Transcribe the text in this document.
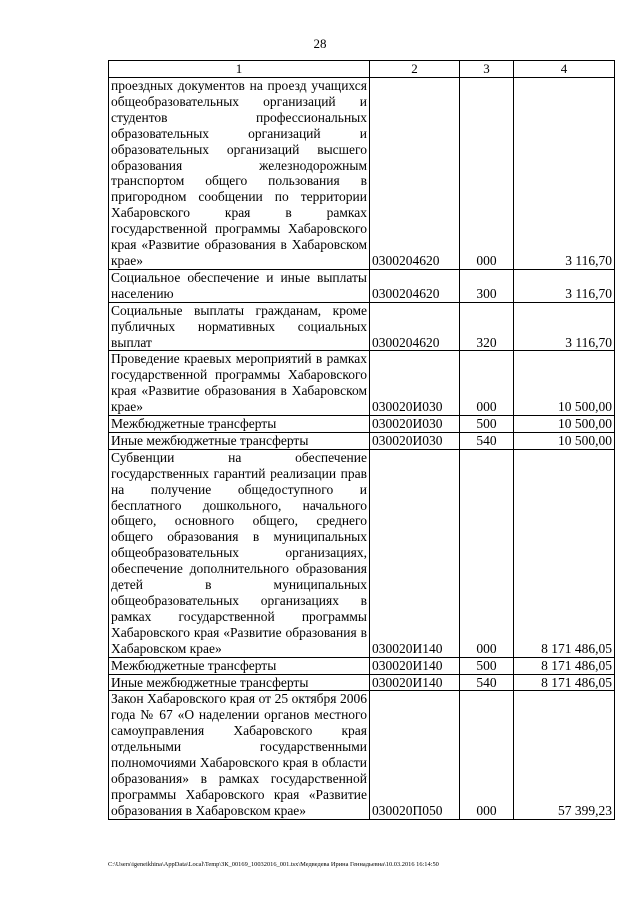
28
1	2	3	4
проездных документов на проезд учащихся общеобразовательных организаций и студентов профессиональных образовательных организаций и образовательных организаций высшего образования железнодорожным транспортом общего пользования в пригородном сообщении по территории Хабаровского края в рамках государственной программы Хабаровского края «Развитие образования в Хабаровском крае»	0300204620	000	3 116,70
Социальное обеспечение и иные выплаты населению	0300204620	300	3 116,70
Социальные выплаты гражданам, кроме публичных нормативных социальных выплат	0300204620	320	3 116,70
Проведение краевых мероприятий в рамках государственной программы Хабаровского края «Развитие образования в Хабаровском крае»	030020И030	000	10 500,00
Межбюджетные трансферты	030020И030	500	10 500,00
Иные межбюджетные трансферты	030020И030	540	10 500,00
Субвенции на обеспечение государственных гарантий реализации прав на получение общедоступного и бесплатного дошкольного, начального общего, основного общего, среднего общего образования в муниципальных общеобразовательных организациях, обеспечение дополнительного образования детей в муниципальных общеобразовательных организациях в рамках государственной программы Хабаровского края «Развитие образования в Хабаровском крае»	030020И140	000	8 171 486,05
Межбюджетные трансферты	030020И140	500	8 171 486,05
Иные межбюджетные трансферты	030020И140	540	8 171 486,05
Закон Хабаровского края от 25 октября 2006 года № 67 «О наделении органов местного самоуправления Хабаровского края отдельными государственными полномочиями Хабаровского края в области образования» в рамках государственной программы Хабаровского края «Развитие образования в Хабаровском крае»	030020П050	000	57 399,23
C:\Users\igeneikhina\AppData\Local\Temp\ЗК_00169_10032016_001.tsx\Медведева Ирина Геннадьевна\10.03.2016 16:14:50
